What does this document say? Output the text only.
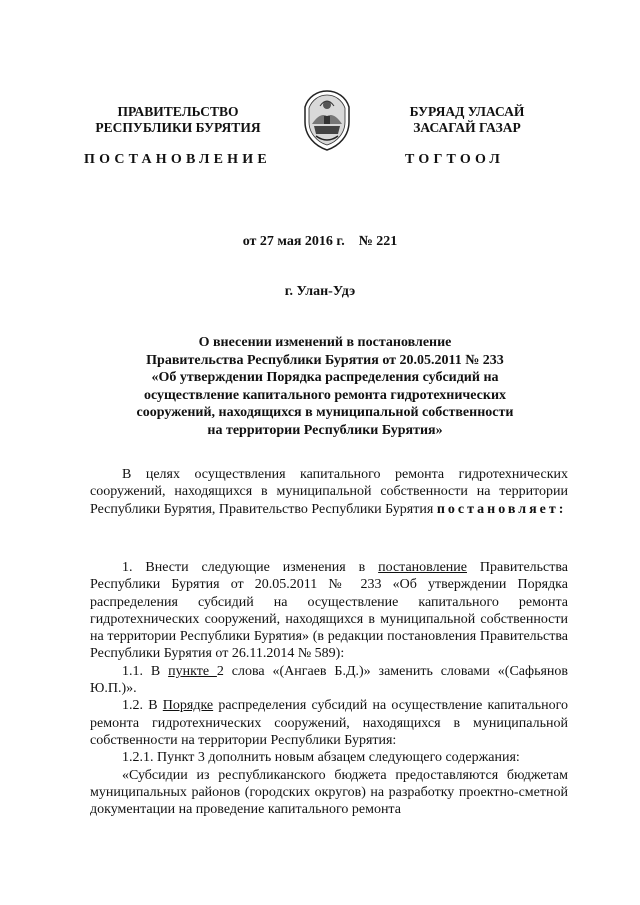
ПРАВИТЕЛЬСТВО
РЕСПУБЛИКИ БУРЯТИЯ
БУРЯАД УЛАСАЙ
ЗАСАГАЙ ГАЗАР
ПОСТАНОВЛЕНИЕ	ТОГТООЛ
от 27 мая 2016 г.    № 221
г. Улан-Удэ
О внесении изменений в постановление
Правительства Республики Бурятия от 20.05.2011 № 233
«Об утверждении Порядка распределения субсидий на
осуществление капитального ремонта гидротехнических
сооружений, находящихся в муниципальной собственности
на территории Республики Бурятия»
В целях осуществления капитального ремонта гидротехнических сооружений, находящихся в муниципальной собственности на территории Республики Бурятия, Правительство Республики Бурятия постановляет:
1. Внести следующие изменения в постановление Правительства Республики Бурятия от 20.05.2011 № 233 «Об утверждении Порядка распределения субсидий на осуществление капитального ремонта гидротехнических сооружений, находящихся в муниципальной собственности на территории Республики Бурятия» (в редакции постановления Правительства Республики Бурятия от 26.11.2014 № 589):
1.1. В пункте 2 слова «(Ангаев Б.Д.)» заменить словами «(Сафьянов Ю.П.)».
1.2. В Порядке распределения субсидий на осуществление капитального ремонта гидротехнических сооружений, находящихся в муниципальной собственности на территории Республики Бурятия:
1.2.1. Пункт 3 дополнить новым абзацем следующего содержания:
«Субсидии из республиканского бюджета предоставляются бюджетам муниципальных районов (городских округов) на разработку проектно-сметной документации на проведение капитального ремонта
